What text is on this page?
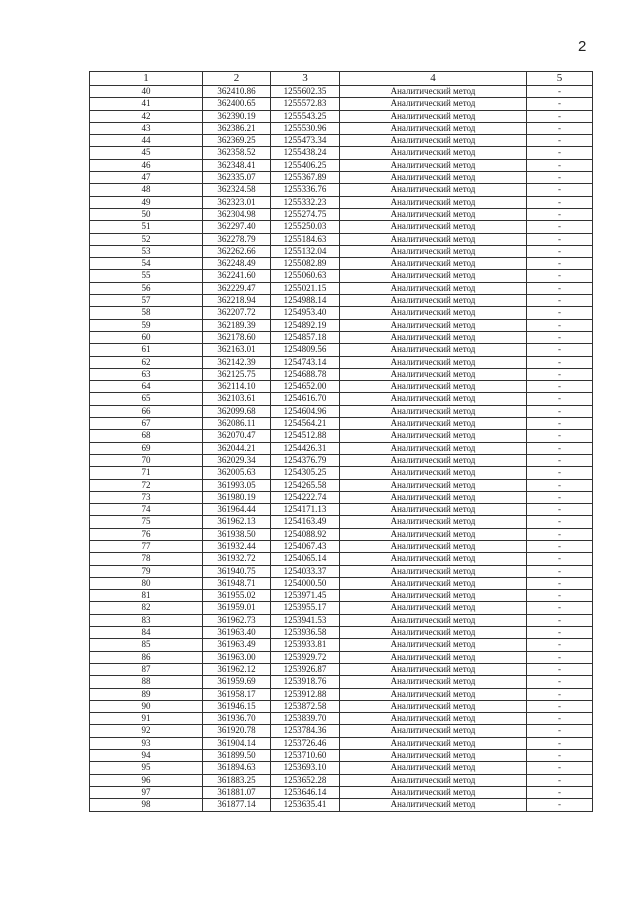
2
1	2	3	4	5
40	362410.86	1255602.35	Аналитический метод	-
41	362400.65	1255572.83	Аналитический метод	-
42	362390.19	1255543.25	Аналитический метод	-
43	362386.21	1255530.96	Аналитический метод	-
44	362369.25	1255473.34	Аналитический метод	-
45	362358.52	1255438.24	Аналитический метод	-
46	362348.41	1255406.25	Аналитический метод	-
47	362335.07	1255367.89	Аналитический метод	-
48	362324.58	1255336.76	Аналитический метод	-
49	362323.01	1255332.23	Аналитический метод	-
50	362304.98	1255274.75	Аналитический метод	-
51	362297.40	1255250.03	Аналитический метод	-
52	362278.79	1255184.63	Аналитический метод	-
53	362262.66	1255132.04	Аналитический метод	-
54	362248.49	1255082.89	Аналитический метод	-
55	362241.60	1255060.63	Аналитический метод	-
56	362229.47	1255021.15	Аналитический метод	-
57	362218.94	1254988.14	Аналитический метод	-
58	362207.72	1254953.40	Аналитический метод	-
59	362189.39	1254892.19	Аналитический метод	-
60	362178.60	1254857.18	Аналитический метод	-
61	362163.01	1254809.56	Аналитический метод	-
62	362142.39	1254743.14	Аналитический метод	-
63	362125.75	1254688.78	Аналитический метод	-
64	362114.10	1254652.00	Аналитический метод	-
65	362103.61	1254616.70	Аналитический метод	-
66	362099.68	1254604.96	Аналитический метод	-
67	362086.11	1254564.21	Аналитический метод	-
68	362070.47	1254512.88	Аналитический метод	-
69	362044.21	1254426.31	Аналитический метод	-
70	362029.34	1254376.79	Аналитический метод	-
71	362005.63	1254305.25	Аналитический метод	-
72	361993.05	1254265.58	Аналитический метод	-
73	361980.19	1254222.74	Аналитический метод	-
74	361964.44	1254171.13	Аналитический метод	-
75	361962.13	1254163.49	Аналитический метод	-
76	361938.50	1254088.92	Аналитический метод	-
77	361932.44	1254067.43	Аналитический метод	-
78	361932.72	1254065.14	Аналитический метод	-
79	361940.75	1254033.37	Аналитический метод	-
80	361948.71	1254000.50	Аналитический метод	-
81	361955.02	1253971.45	Аналитический метод	-
82	361959.01	1253955.17	Аналитический метод	-
83	361962.73	1253941.53	Аналитический метод	-
84	361963.40	1253936.58	Аналитический метод	-
85	361963.49	1253933.81	Аналитический метод	-
86	361963.00	1253929.72	Аналитический метод	-
87	361962.12	1253926.87	Аналитический метод	-
88	361959.69	1253918.76	Аналитический метод	-
89	361958.17	1253912.88	Аналитический метод	-
90	361946.15	1253872.58	Аналитический метод	-
91	361936.70	1253839.70	Аналитический метод	-
92	361920.78	1253784.36	Аналитический метод	-
93	361904.14	1253726.46	Аналитический метод	-
94	361899.50	1253710.60	Аналитический метод	-
95	361894.63	1253693.10	Аналитический метод	-
96	361883.25	1253652.28	Аналитический метод	-
97	361881.07	1253646.14	Аналитический метод	-
98	361877.14	1253635.41	Аналитический метод	-
